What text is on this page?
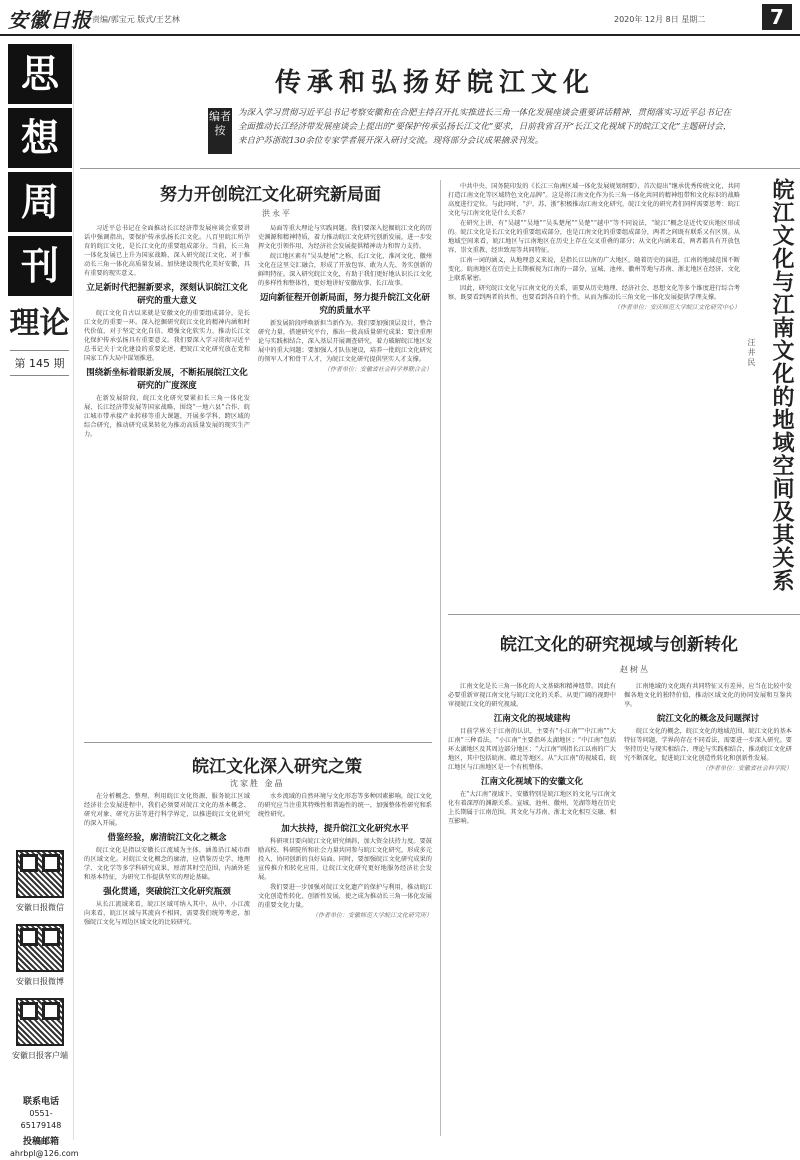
安徽日报 责编/郭宝元 版式/王艺林	2020年 12月 8日 星期二	7
思
想
周
刊
理论
第 145 期
安徽日报微信
安徽日报微博
安徽日报客户端
联系电话
0551-65179148
投稿邮箱
ahrbpl@126.com
传承和弘扬好皖江文化
编者按
为深入学习贯彻习近平总书记考察安徽和在合肥主持召开扎实推进长三角一体化发展座谈会重要讲话精神，贯彻落实习近平总书记在全面推动长江经济带发展座谈会上提出的“要保护传承弘扬长江文化”要求，日前我省召开“长江文化视域下的皖江文化”主题研讨会，来自沪苏浙皖130余位专家学者展开深入研讨交流。现将部分会议成果摘录刊发。
努力开创皖江文化研究新局面
洪永平

习近平总书记在全面推动长江经济带发展座谈会重要讲话中强调指出，要保护传承弘扬长江文化。八百里皖江所孕育的皖江文化，是长江文化的重要组成部分。当前，长三角一体化发展已上升为国家战略，深入研究皖江文化，对于推动长三角一体化高质量发展、加快建设现代化美好安徽，具有重要的现实意义。

立足新时代把握新要求，深刻认识皖江文化研究的重大意义

皖江文化自古以来就是安徽文化的重要组成部分，是长江文化的重要一环。深入挖掘研究皖江文化的精神内涵和时代价值，对于坚定文化自信、增强文化软实力、推动长江文化保护传承弘扬具有重要意义。我们要深入学习贯彻习近平总书记关于文化建设的重要论述，把皖江文化研究放在党和国家工作大局中谋划推进。

围绕新坐标着眼新发展，不断拓展皖江文化研究的广度深度

在新发展阶段，皖江文化研究要紧扣长三角一体化发展、长江经济带发展等国家战略，围绕“一地六县”合作、皖江城市带承接产业转移等重大课题，开展多学科、跨区域的综合研究，推动研究成果转化为推动高质量发展的现实生产力。

局面等重大理论与实践问题。我们要深入挖掘皖江文化的历史渊源和精神特质，着力推动皖江文化研究创新发展，进一步发挥文化引领作用，为经济社会发展提供精神动力和智力支持。

皖江地区素有“吴头楚尾”之称，长江文化、淮河文化、徽州文化在这里交汇融合，形成了开放包容、敢为人先、务实创新的鲜明特征。深入研究皖江文化，有助于我们更好地认识长江文化的多样性和整体性，更好地讲好安徽故事、长江故事。

迈向新征程开创新局面，努力提升皖江文化研究的质量水平

新发展阶段呼唤新担当新作为。我们要加强顶层设计，整合研究力量，搭建研究平台，推出一批高质量研究成果；要注重理论与实践相结合，深入基层开展调查研究，着力破解皖江地区发展中的重大问题；要加强人才队伍建设，培养一批皖江文化研究的领军人才和骨干人才，为皖江文化研究提供坚实人才支撑。

（作者单位：安徽省社会科学界联合会）

皖江文化深入研究之策
沈家胜 金晶

在分析概念、整理、利用皖江文化资源、服务皖江区域经济社会发展进程中，我们必须要对皖江文化的基本概念、研究对象、研究方法等进行科学界定，以推进皖江文化研究的深入开展。

借鉴经验，廓清皖江文化之概念

皖江文化是指以安徽长江流域为主体，涵盖沿江城市群的区域文化。对皖江文化概念的廓清，应借鉴历史学、地理学、文化学等多学科研究成果，厘清其时空范围、内涵外延和基本特征，为研究工作提供坚实的理论基础。

强化贯通，突破皖江文化研究瓶颈

从长江流域来看，皖江区域可纳入其中，从中、小江流向来看，皖江区域与其流向不相同，需要我们统筹考虑，加强皖江文化与周边区域文化的比较研究。

水乡流域的自然环境与文化形态等多种因素影响，皖江文化的研究应当注重其特殊性和普遍性的统一，加强整体性研究和系统性研究。

加大扶持，提升皖江文化研究水平

科研项目要向皖江文化研究倾斜，加大资金扶持力度。要鼓励高校、科研院所和社会力量共同参与皖江文化研究，形成多元投入、协同创新的良好局面。同时，要加强皖江文化研究成果的宣传推介和转化应用，让皖江文化研究更好地服务经济社会发展。

我们要进一步加强对皖江文化遗产的保护与利用，推动皖江文化创造性转化、创新性发展，使之成为推动长三角一体化发展的重要文化力量。

（作者单位：安徽师范大学皖江文化研究所）

中共中央、国务院印发的《长江三角洲区域一体化发展规划纲要》，首次提出“继承优秀传统文化，共同打造江南文化等区域特色文化品牌”。这是将江南文化作为长三角一体化共同的精神纽带和文化标识的战略高度进行定位。与此同时，“沪、苏、浙”积极推动江南文化研究，皖江文化的研究者们同样需要思考：皖江文化与江南文化是什么关系？

在研究上讲，有“吴越”“吴地”“吴头楚尾”“吴楚”“越中”等不同说法，“皖江”概念是近代安庆地区形成的。皖江文化是长江文化的重要组成部分，也是江南文化的重要组成部分，两者之间既有联系又有区别。从地域空间来看，皖江地区与江南地区在历史上存在交叉重叠的部分；从文化内涵来看，两者都具有开放包容、崇文重教、经世致用等共同特征。

江南一词的涵义，从地理意义来说，是指长江以南的广大地区，随着历史的演进，江南的地域范围不断变化。皖南地区在历史上长期被视为江南的一部分，宣城、池州、徽州等地与苏南、浙北地区在经济、文化上联系紧密。

因此，研究皖江文化与江南文化的关系，需要从历史地理、经济社会、思想文化等多个维度进行综合考察，既要看到两者的共性，也要看到各自的个性，从而为推动长三角文化一体化发展提供学理支撑。

（作者单位：安庆师范大学皖江文化研究中心）

汪井民 皖江文化与江南文化的地域空间及其关系
皖江文化的研究视域与创新转化
赵树丛

江南文化是长三角一体化的人文基础和精神纽带。因此有必要重新审视江南文化与皖江文化的关系，从更广阔的视野中审视皖江文化的研究视域。

江南文化的视域建构

目前学界关于江南的认识，主要有“小江南”“中江南”“大江南”三种看法。“小江南”主要指环太湖地区；“中江南”包括环太湖地区及其周边部分地区；“大江南”则指长江以南的广大地区，其中包括皖南、赣北等地区。从“大江南”的视域看，皖江地区与江南地区是一个有机整体。

江南文化视域下的安徽文化

在“大江南”视域下，安徽特别是皖江地区的文化与江南文化有着深厚的渊源关系。宣城、池州、徽州、芜湖等地在历史上长期属于江南范围，其文化与苏南、浙北文化相互交融、相互影响。

江南地域的文化既有共同特征又有差异，应当在比较中发掘各地文化的独特价值，推动区域文化的协同发展和互鉴共享。

皖江文化的概念及问题探讨

皖江文化的概念，皖江文化的地域范围、皖江文化的基本特征等问题，学界尚存在不同看法，需要进一步深入研究。要坚持历史与现实相结合、理论与实践相结合，推动皖江文化研究不断深化，促进皖江文化创造性转化和创新性发展。

（作者单位：安徽省社会科学院）
